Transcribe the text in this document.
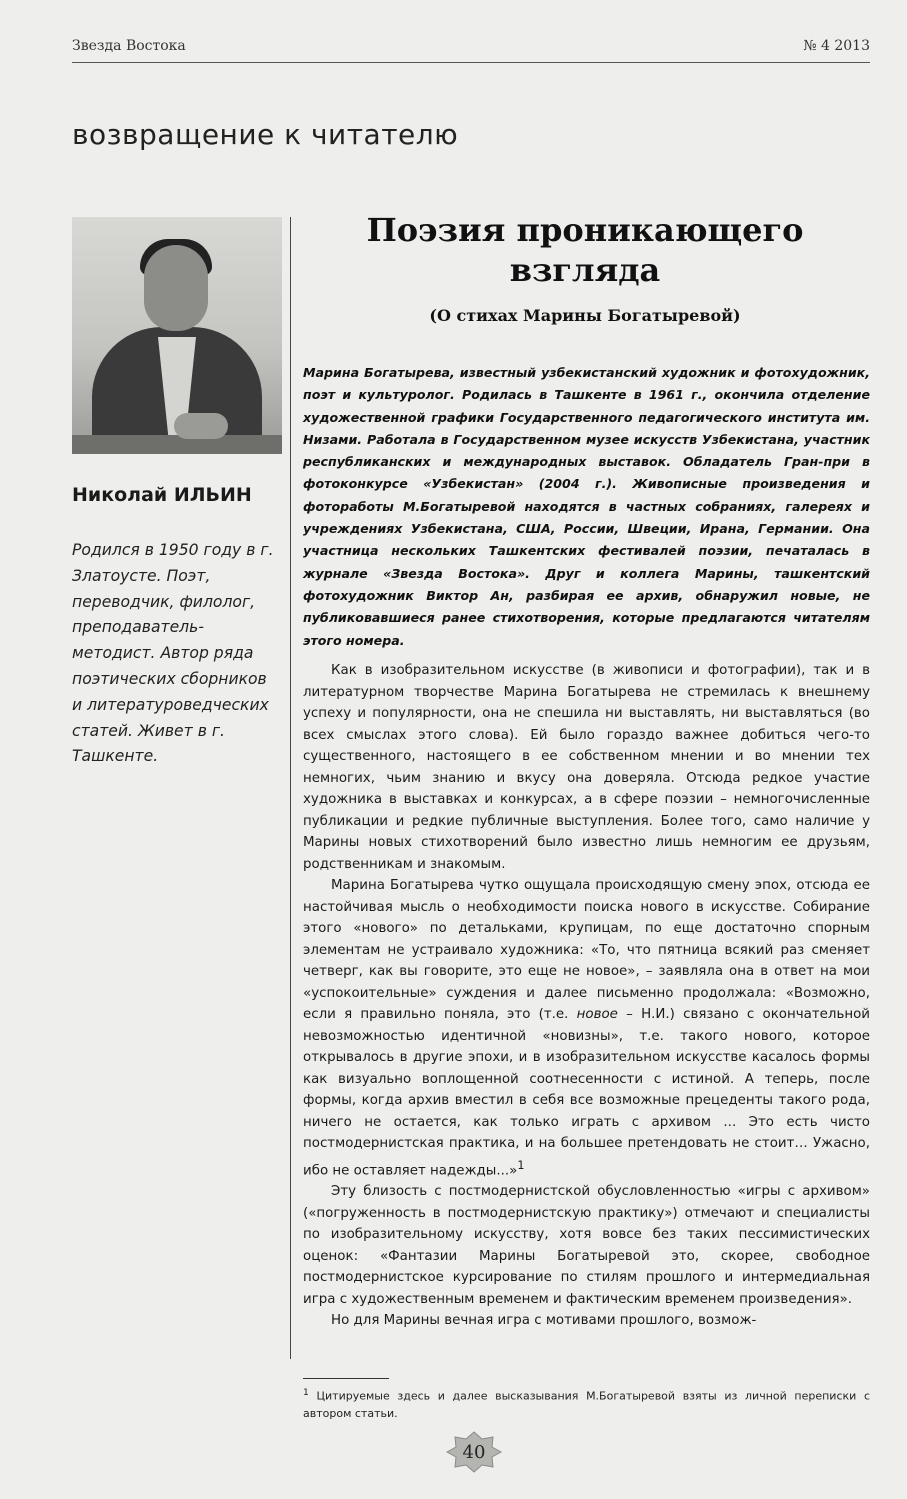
Звезда Востока	№ 4 2013
возвращение к читателю
Николай ИЛЬИН

Родился в 1950 году в г. Златоусте. Поэт, переводчик, филолог, преподаватель-методист. Автор ряда поэтических сборников и литературоведческих статей. Живет в г. Ташкенте.

Поэзия проникающего взгляда
(О стихах Марины Богатыревой)

Марина Богатырева, известный узбекистанский художник и фотохудожник, поэт и культуролог. Родилась в Ташкенте в 1961 г., окончила отделение художественной графики Государственного педагогического института им. Низами. Работала в Государственном музее искусств Узбекистана, участник республиканских и международных выставок. Обладатель Гран-при в фотоконкурсе «Узбекистан» (2004 г.). Живописные произведения и фоторaботы М.Богатыревой находятся в частных собраниях, галереях и учреждениях Узбекистана, США, России, Швеции, Ирана, Германии. Она участница нескольких Ташкентских фестивалей поэзии, печаталась в журнале «Звезда Востока». Друг и коллега Марины, ташкентский фотохудожник Виктор Ан, разбирая ее архив, обнаружил новые, не публиковавшиеся ранее стихотворения, которые предлагаются читателям этого номера.

Как в изобразительном искусстве (в живописи и фотографии), так и в литературном творчестве Марина Богатырева не стремилась к внешнему успеху и популярности, она не спешила ни выставлять, ни выставляться (во всех смыслах этого слова). Ей было гораздо важнее добиться чего-то существенного, настоящего в ее собственном мнении и во мнении тех немногих, чьим знанию и вкусу она доверяла. Отсюда редкое участие художника в выставках и конкурсах, а в сфере поэзии – немногочисленные публикации и редкие публичные выступления. Более того, само наличие у Марины новых стихотворений было известно лишь немногим ее друзьям, родственникам и знакомым.

Марина Богатырева чутко ощущала происходящую смену эпох, отсюда ее настойчивая мысль о необходимости поиска нового в искусстве. Собирание этого «нового» по детальками, крупицам, по еще достаточно спорным элементам не устраивало художника: «То, что пятница всякий раз сменяет четверг, как вы говорите, это еще не новое», – заявляла она в ответ на мои «успокоительные» суждения и далее письменно продолжала: «Возможно, если я правильно поняла, это (т.е. новое – Н.И.) связано с окончательной невозможностью идентичной «новизны», т.е. такого нового, которое открывалось в другие эпохи, и в изобразительном искусстве касалось формы как визуально воплощенной соотнесенности с истиной. А теперь, после формы, когда архив вместил в себя все возможные прецеденты такого рода, ничего не остается, как только играть с архивом ... Это есть чисто постмодернистская практика, и на большее претендовать не стоит… Ужасно, ибо не оставляет надежды...»$^1$

Эту близость с постмодернистской обусловленностью «игры с архивом» («погруженность в постмодернистскую практику») отмечают и специалисты по изобразительному искусству, хотя вовсе без таких пессимистических оценок: «Фантазии Марины Богатыревой это, скорее, свободное постмодернистское курсирование по стилям прошлого и интермедиальная игра с художественным временем и фактическим временем произведения».

Но для Марины вечная игра с мотивами прошлого, возмож-

$^1$ Цитируемые здесь и далее высказывания М.Богатыревой взяты из личной переписки с автором статьи.

40
